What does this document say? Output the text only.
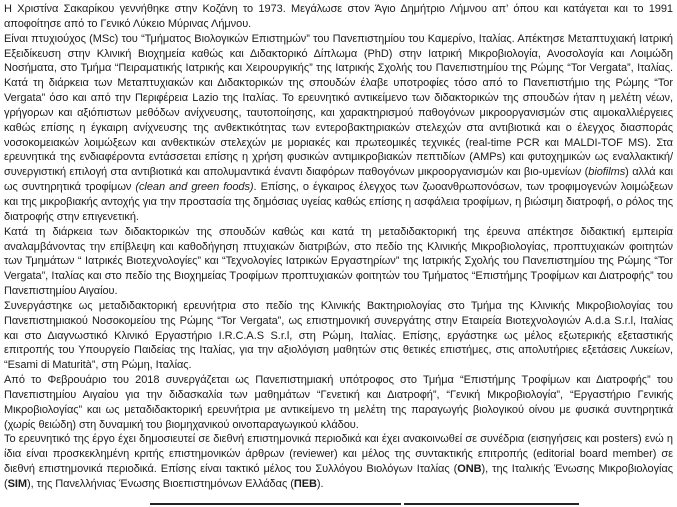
Η Χριστίνα Σακαρίκου γεννήθηκε στην Κοζάνη το 1973. Μεγάλωσε στον Άγιο Δημήτριο Λήμνου απ’ όπου και κατάγεται και το 1991 αποφοίτησε από το Γενικό Λύκειο Μύρινας Λήμνου.

Είναι πτυχιούχος (MSc) του “Τμήματος Βιολογικών Επιστημών” του Πανεπιστημίου του Καμερίνο, Ιταλίας. Απέκτησε Μεταπτυχιακή Ιατρική Εξειδίκευση στην Κλινική Βιοχημεία καθώς και Διδακτορικό Δίπλωμα (PhD) στην Ιατρική Μικροβιολογία, Ανοσολογία και Λοιμώδη Νοσήματα, στο Τμήμα “Πειραματικής Ιατρικής και Χειρουργικής” της Ιατρικής Σχολής του Πανεπιστημίου της Ρώμης “Tor Vergata”, Ιταλίας. Κατά τη διάρκεια των Μεταπτυχιακών και Διδακτορικών της σπουδών έλαβε υποτροφίες τόσο από το Πανεπιστήμιο της Ρώμης “Tor Vergata” όσο και από την Περιφέρεια Lazio της Ιταλίας. Το ερευνητικό αντικείμενο των διδακτορικών της σπουδών ήταν η μελέτη νέων, γρήγορων και αξιόπιστων μεθόδων ανίχνευσης, ταυτοποίησης, και χαρακτηρισμού παθογόνων μικροοργανισμών στις αιμοκαλλιέργειες καθώς επίσης η έγκαιρη ανίχνευσης της ανθεκτικότητας των εντεροβακτηριακών στελεχών στα αντιβιοτικά και ο έλεγχος διασποράς νοσοκομειακών λοιμώξεων και ανθεκτικών στελεχών με μοριακές και πρωτεομικές τεχνικές (real-time PCR και MALDI-TOF MS). Στα ερευνητικά της ενδιαφέροντα εντάσσεται επίσης η χρήση φυσικών αντιμικροβιακών πεπτιδίων (AMPs) και φυτοχημικών ως εναλλακτική/συνεργιστική επιλογή στα αντιβιοτικά και απολυμαντικά έναντι διαφόρων παθογόνων μικροοργανισμών και βιο-υμενίων (biofilms) αλλά και ως συντηρητικά τροφίμων (clean and green foods). Επίσης, ο έγκαιρος έλεγχος των ζωοανθρωπονόσων, των τροφιμογενών λοιμώξεων και της μικροβιακής αντοχής για την προστασία της δημόσιας υγείας καθώς επίσης η ασφάλεια τροφίμων, η βιώσιμη διατροφή, ο ρόλος της διατροφής στην επιγενετική.

Κατά τη διάρκεια των διδακτορικών της σπουδών καθώς και κατά τη μεταδιδακτορική της έρευνα απέκτησε διδακτική εμπειρία αναλαμβάνοντας την επίβλεψη και καθοδήγηση πτυχιακών διατριβών, στο πεδίο της Κλινικής Μικροβιολογίας, προπτυχιακών φοιτητών των Τμημάτων “ Ιατρικές Βιοτεχνολογίες” και “Τεχνολογίες Ιατρικών Εργαστηρίων” της Ιατρικής Σχολής του Πανεπιστημίου της Ρώμης “Tor Vergata”, Ιταλίας και στο πεδίο της Βιοχημείας Τροφίμων προπτυχιακών φοιτητών του Τμήματος “Επιστήμης Τροφίμων και Διατροφής” του Πανεπιστημίου Αιγαίου.

Συνεργάστηκε ως μεταδιδακτορική ερευνήτρια στο πεδίο της Κλινικής Βακτηριολογίας στο Τμήμα της Κλινικής Μικροβιολογίας του Πανεπιστημιακού Νοσοκομείου της Ρώμης “Tor Vergata”, ως επιστημονική συνεργάτης στην Εταιρεία Βιοτεχνολογιών A.d.a S.r.l, Ιταλίας και στο Διαγνωστικό Κλινικό Εργαστήριο I.R.C.A.S S.r.l, στη Ρώμη, Ιταλίας. Επίσης, εργάστηκε ως μέλος εξωτερικής εξεταστικής επιτροπής του Υπουργείο Παιδείας της Ιταλίας, για την αξιολόγιση μαθητών στις θετικές επιστήμες, στις απολυτήριες εξετάσεις Λυκείων, “Esami di Maturità”, στη Ρώμη, Ιταλίας.

Από το Φεβρουάριο του 2018 συνεργάζεται ως Πανεπιστημιακή υπότροφος στο Τμήμα “Επιστήμης Τροφίμων και Διατροφής” του Πανεπιστημίου Αιγαίου για την διδασκαλία των μαθημάτων “Γενετική και Διατροφή”, “Γενική Μικροβιολογία”, “Εργαστήριο Γενικής Μικροβιολογίας” και ως μεταδιδακτορική ερευνήτρια με αντικείμενο τη μελέτη της παραγωγής βιολογικού οίνου με φυσικά συντηρητικά (χωρίς θειώδη) στη δυναμική του βιομηχανικού οινοπαραγωγικού κλάδου.

Το ερευνητικό της έργο έχει δημοσιευτεί σε διεθνή επιστημονικά περιοδικά και έχει ανακοινωθεί σε συνέδρια (εισηγήσεις και posters) ενώ η ίδια είναι προσκεκλημένη κριτής επιστημονικών άρθρων (reviewer) και μέλος της συντακτικής επιτροπής (editorial board member) σε διεθνή επιστημονικά περιοδικά. Επίσης είναι τακτικό μέλος του Συλλόγου Βιολόγων Ιταλίας (ONB), της Ιταλικής Ένωσης Μικροβιολογίας (SIM), της Πανελλήνιας Ένωσης Βιοεπιστημόνων Ελλάδας (ΠΕΒ).
